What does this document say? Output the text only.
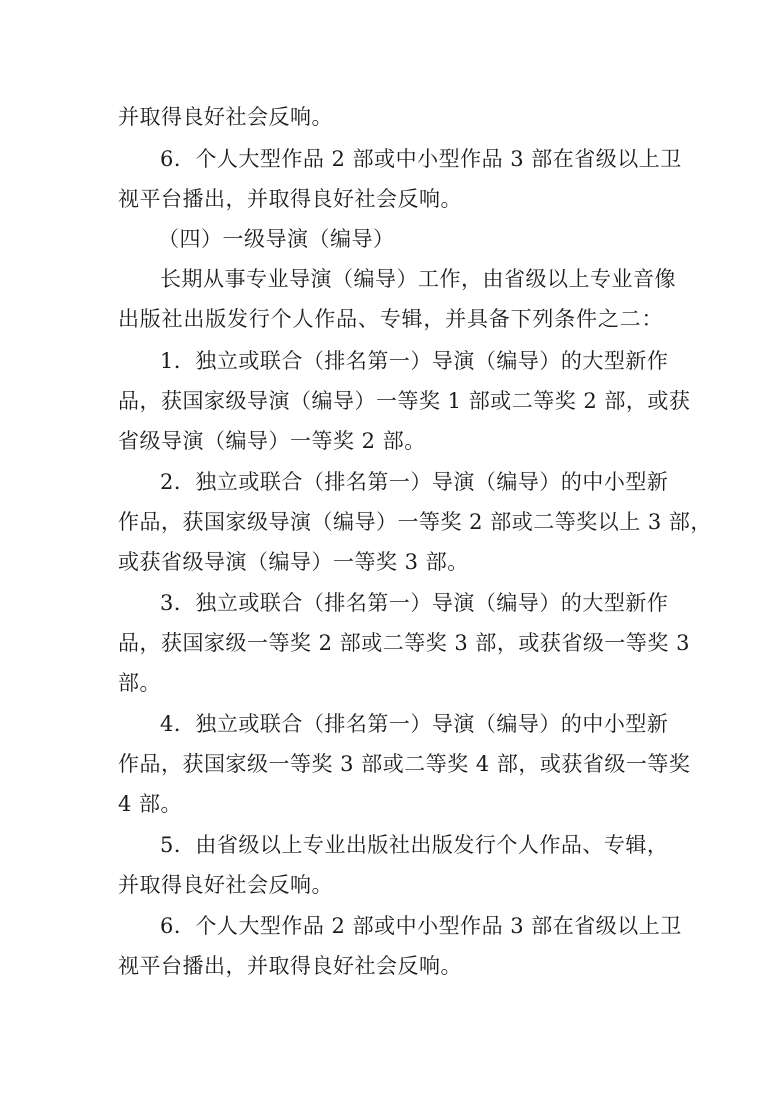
并取得良好社会反响。
6．个人大型作品 2 部或中小型作品 3 部在省级以上卫
视平台播出，并取得良好社会反响。
（四）一级导演（编导）
长期从事专业导演（编导）工作，由省级以上专业音像
出版社出版发行个人作品、专辑，并具备下列条件之二：
1．独立或联合（排名第一）导演（编导）的大型新作
品，获国家级导演（编导）一等奖 1 部或二等奖 2 部，或获
省级导演（编导）一等奖 2 部。
2．独立或联合（排名第一）导演（编导）的中小型新
作品，获国家级导演（编导）一等奖 2 部或二等奖以上 3 部，
或获省级导演（编导）一等奖 3 部。
3．独立或联合（排名第一）导演（编导）的大型新作
品，获国家级一等奖 2 部或二等奖 3 部，或获省级一等奖 3
部。
4．独立或联合（排名第一）导演（编导）的中小型新
作品，获国家级一等奖 3 部或二等奖 4 部，或获省级一等奖
4 部。
5．由省级以上专业出版社出版发行个人作品、专辑，
并取得良好社会反响。
6．个人大型作品 2 部或中小型作品 3 部在省级以上卫
视平台播出，并取得良好社会反响。
